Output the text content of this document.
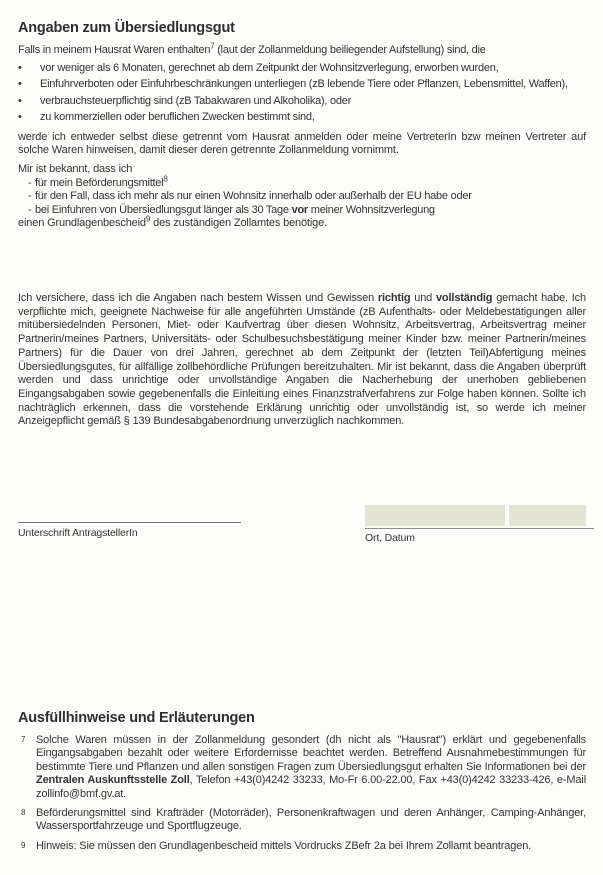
Angaben zum Übersiedlungsgut
Falls in meinem Hausrat Waren enthalten$^7$ (laut der Zollanmeldung beiliegender Aufstellung) sind, die
•	vor weniger als 6 Monaten, gerechnet ab dem Zeitpunkt der Wohnsitzverlegung, erworben wurden,
•	Einfuhrverboten oder Einfuhrbeschränkungen unterliegen (zB lebende Tiere oder Pflanzen, Lebensmittel, Waffen),
•	verbrauchsteuerpflichtig sind (zB Tabakwaren und Alkoholika), oder
•	zu kommerziellen oder beruflichen Zwecken bestimmt sind,
werde ich entweder selbst diese getrennt vom Hausrat anmelden oder meine VertreterIn bzw meinen Vertreter auf solche Waren hinweisen, damit dieser deren getrennte Zollanmeldung vornimmt.
Mir ist bekannt, dass ich
- für mein Beförderungsmittel$^8$
- für den Fall, dass ich mehr als nur einen Wohnsitz innerhalb oder außerhalb der EU habe oder
- bei Einfuhren von Übersiedlungsgut länger als 30 Tage vor meiner Wohnsitzverlegung
einen Grundlagenbescheid$^9$ des zuständigen Zollamtes benötige.
Ich versichere, dass ich die Angaben nach bestem Wissen und Gewissen richtig und vollständig gemacht habe. Ich verpflichte mich, geeignete Nachweise für alle angeführten Umstände (zB Aufenthalts- oder Meldebestätigungen aller mitübersiedelnden Personen, Miet- oder Kaufvertrag über diesen Wohnsitz, Arbeitsvertrag, Arbeitsvertrag meiner Partnerin/meines Partners, Universitäts- oder Schulbesuchsbestätigung meiner Kinder bzw. meiner Partnerin/meines Partners) für die Dauer von drei Jahren, gerechnet ab dem Zeitpunkt der (letzten Teil)Abfertigung meines Übersiedlungsgutes, für allfällige zollbehördliche Prüfungen bereitzuhalten. Mir ist bekannt, dass die Angaben überprüft werden und dass unrichtige oder unvollständige Angaben die Nacherhebung der unerhoben gebliebenen Eingangsabgaben sowie gegebenenfalls die Einleitung eines Finanzstrafverfahrens zur Folge haben können. Sollte ich nachträglich erkennen, dass die vorstehende Erklärung unrichtig oder unvollständig ist, so werde ich meiner Anzeigepflicht gemäß § 139 Bundesabgabenordnung unverzüglich nachkommen.
Unterschrift AntragstellerIn	Ort, Datum
Ausfüllhinweise und Erläuterungen
7 Solche Waren müssen in der Zollanmeldung gesondert (dh nicht als "Hausrat") erklärt und gegebenenfalls Eingangsabgaben bezahlt oder weitere Erfordernisse beachtet werden. Betreffend Ausnahmebestimmungen für bestimmte Tiere und Pflanzen und allen sonstigen Fragen zum Übersiedlungsgut erhalten Sie Informationen bei der Zentralen Auskunftsstelle Zoll, Telefon +43(0)4242 33233, Mo-Fr 6.00-22.00, Fax +43(0)4242 33233-426, e-Mail zollinfo@bmf.gv.at.
8 Beförderungsmittel sind Krafträder (Motorräder), Personenkraftwagen und deren Anhänger, Camping-Anhänger, Wassersportfahrzeuge und Sportflugzeuge.
9 Hinweis: Sie müssen den Grundlagenbescheid mittels Vordrucks ZBefr 2a bei Ihrem Zollamt beantragen.
